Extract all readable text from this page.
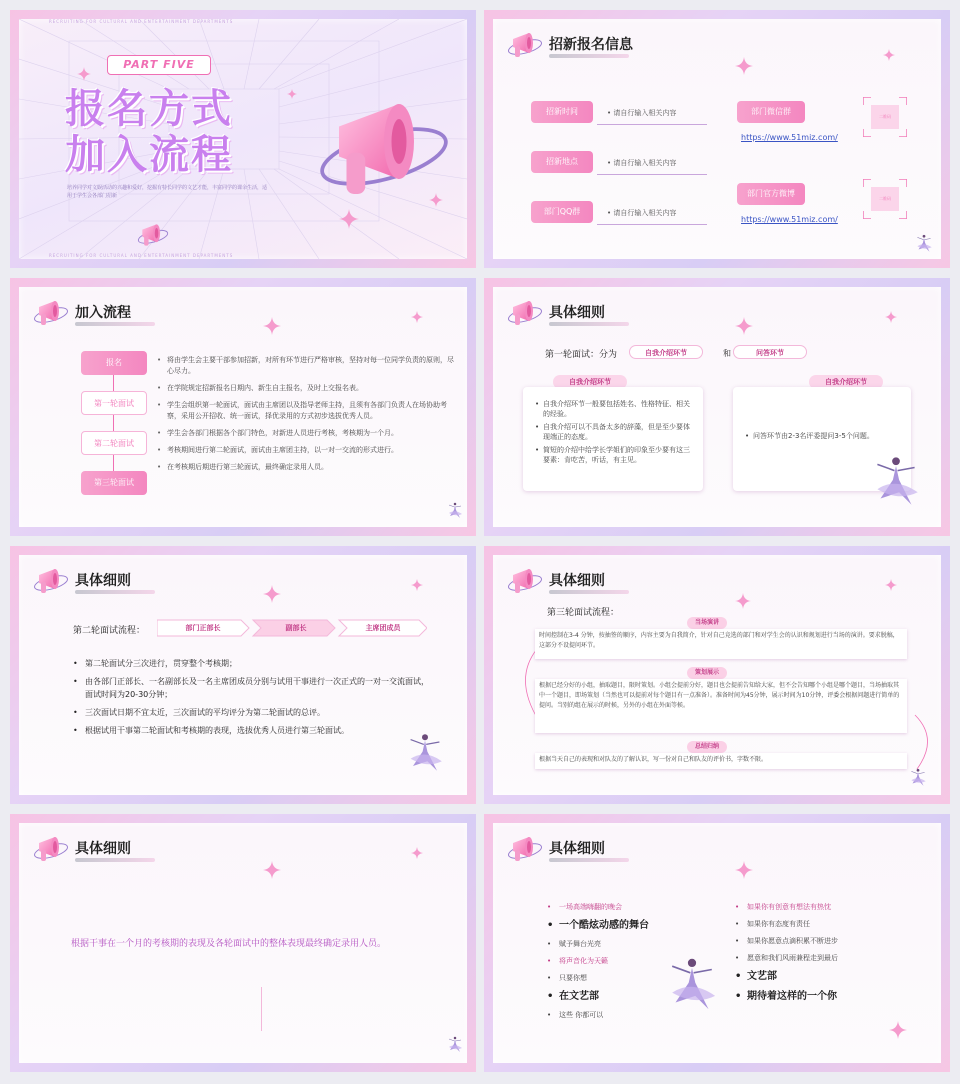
RECRUITING FOR CULTURAL AND ENTERTAINMENT DEPARTMENTS
PART FIVE
报名方式
加入流程
培养同学对文娱活动的兴趣和爱好，挖掘有特长同学的文艺才能，丰富同学的课余生活，适用于学生会各部门招新
RECRUITING FOR CULTURAL AND ENTERTAINMENT DEPARTMENTS
招新报名信息
招新时间	• 请自行输入相关内容
招新地点	• 请自行输入相关内容
部门QQ群	• 请自行输入相关内容
部门微信群
https://www.51miz.com/
二维码
部门官方微博
https://www.51miz.com/
二维码
加入流程
报名
第一轮面试
第二轮面试
第三轮面试
• 将由学生会主要干部参加招新，对所有环节进行严格审核，坚持对每一位同学负责的原则，尽心尽力。
• 在学院规定招新报名日期内、新生自主报名，及时上交报名表。
• 学生会组织第一轮面试，面试由主席团以及指导老师主持，且须有各部门负责人在场协助考察，采用公开招收、统一面试，择优录用的方式初步选拔优秀人员。
• 学生会各部门根据各个部门特色，对新进人员进行考核，考核期为一个月。
• 考核期间进行第二轮面试，面试由主席团主持，以一对一交流的形式进行。
• 在考核期后期进行第三轮面试，最终确定录用人员。
具体细则
第一轮面试：分为	自我介绍环节	和	问答环节
自我介绍环节
• 自我介绍环节一般要包括姓名、性格特征、相关的经验。
• 自我介绍可以不具备太多的辞藻，但是至少要体现端正的态度。
• 简短的介绍中给学长学姐们的印象至少要有这三要素：肯吃苦，听话，有主见。
自我介绍环节
• 问答环节由2-3名评委提问3-5个问题。
具体细则
第二轮面试流程：	部门正部长	副部长	主席团成员
• 第二轮面试分三次进行，贯穿整个考核期；
• 由各部门正部长、一名副部长及一名主席团成员分别与试用干事进行一次正式的一对一交流面试，面试时间为20-30分钟；
• 三次面试日期不宜太近，三次面试的平均评分为第二轮面试的总评。
• 根据试用干事第二轮面试和考核期的表现，选拔优秀人员进行第三轮面试。
具体细则
第三轮面试流程：
当场演讲
时间控制在3-4 分钟，按抽签的顺序，内容主要为自我简介，针对自己竞选的部门和对学生会的认识和规划进行当场的演讲。要求脱稿，这部分不设提问环节。
策划展示
根据已经分好的小组，抽取题目，限时策划。小组会提前分好，题目也会提前告知给大家，但不会告知哪个小组是哪个题目，当场抽取其中一个题目，即场策划（当然也可以提前对每个题目有一点准备）。准备时间为45分钟，展示时间为10分钟，评委会根据问题进行简单的提问。当别的组在展示的时候，另外的小组在外面等候。
总结归纳
根据当天自己的表现和对队友的了解认识，写一份对自己和队友的评价书，字数不限。
具体细则
根据干事在一个月的考核期的表现及各轮面试中的整体表现最终确定录用人员。
具体细则
• 一场高端嗨翻的晚会
• 一个酷炫动感的舞台
• 赋予舞台光亮
• 将声音化为天籁
• 只要你想
• 在文艺部
• 这些 你都可以
• 如果你有创意有想法有热忱
• 如果你有态度有责任
• 如果你愿意点滴积累不断进步
• 愿意和我们风雨兼程走到最后
• 文艺部
• 期待着这样的一个你
